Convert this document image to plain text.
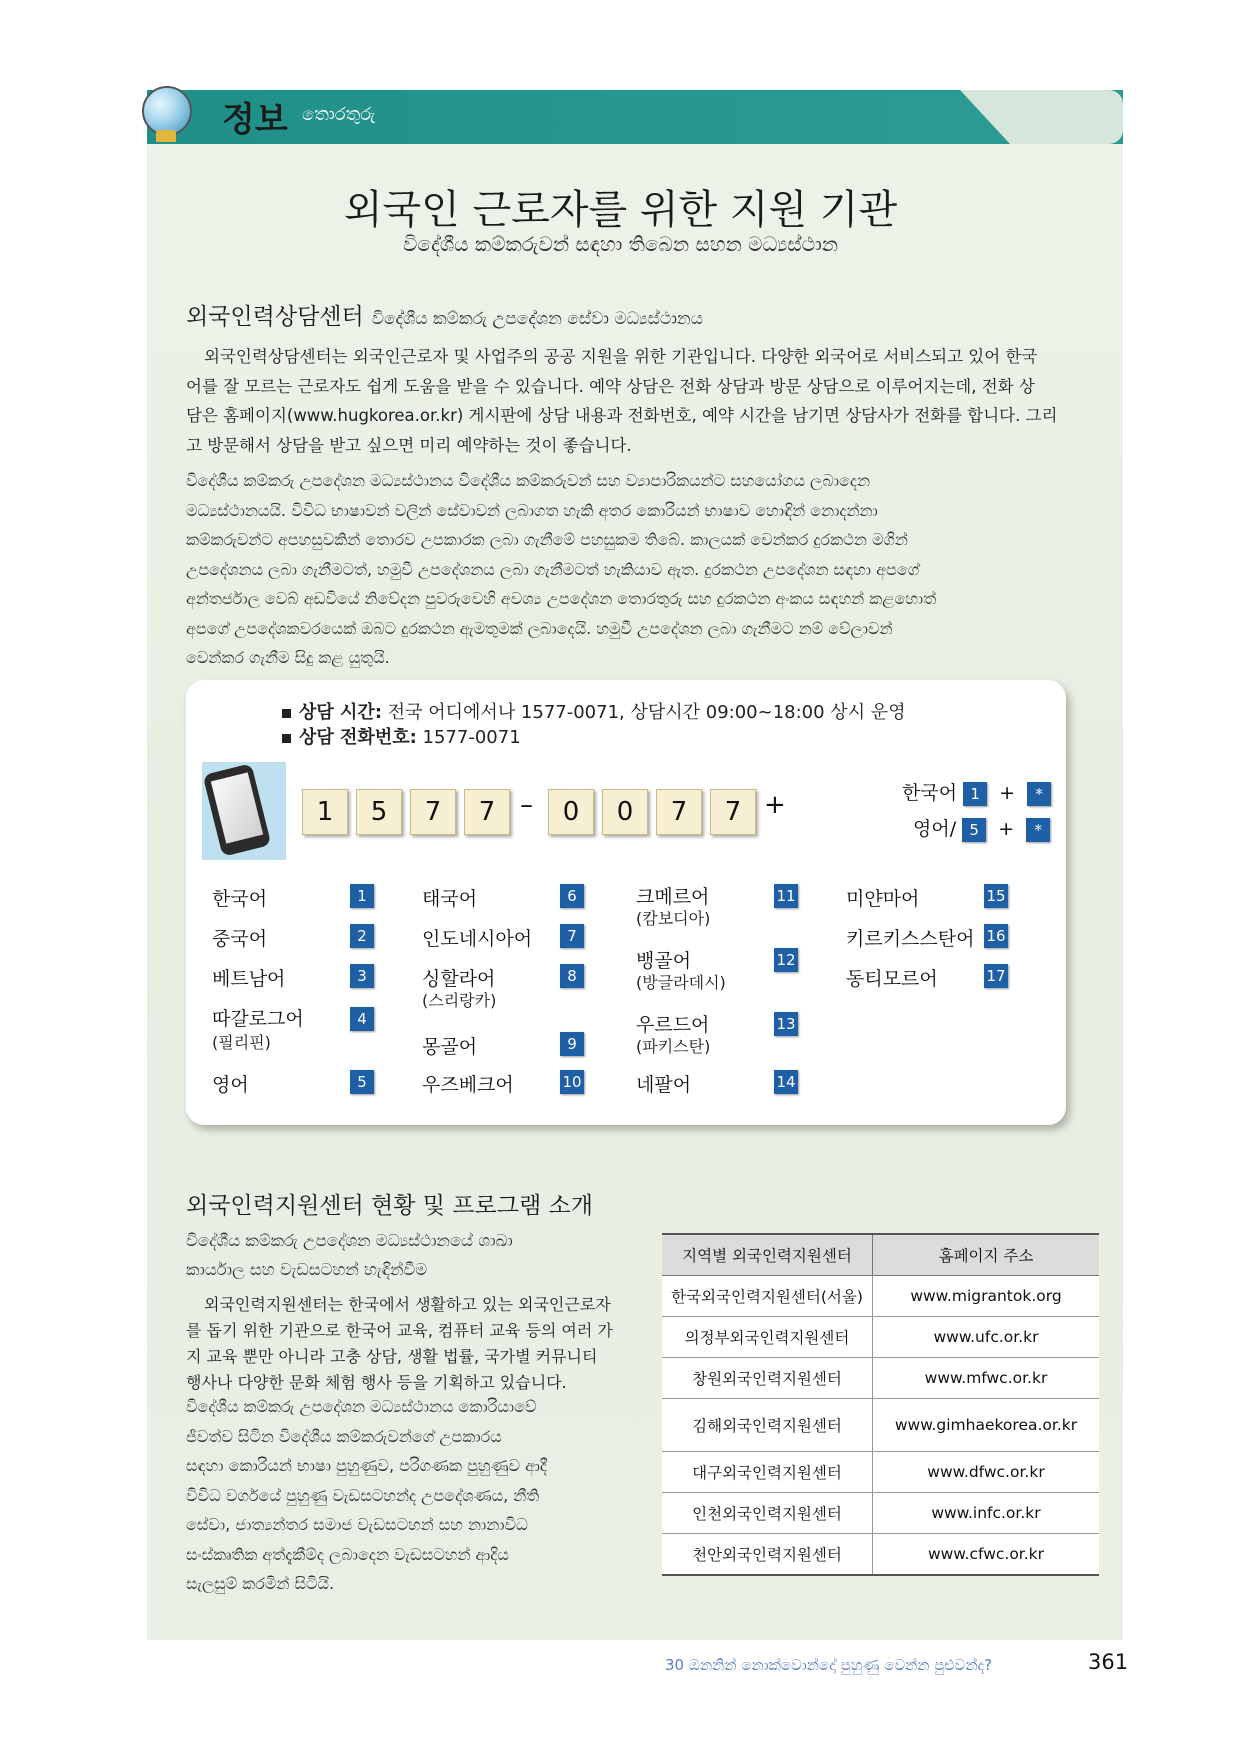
정보 තොරතුරු
외국인 근로자를 위한 지원 기관
විදේශීය කම්කරුවන් සඳහා තිබෙන සහන මධ්‍යස්ථාන
외국인력상담센터 විදේශීය කම්කරු උපදේශන සේවා මධ්‍යස්ථානය
외국인력상담센터는 외국인근로자 및 사업주의 공공 지원을 위한 기관입니다. 다양한 외국어로 서비스되고 있어 한국
어를 잘 모르는 근로자도 쉽게 도움을 받을 수 있습니다. 예약 상담은 전화 상담과 방문 상담으로 이루어지는데, 전화 상
담은 홈페이지(www.hugkorea.or.kr) 게시판에 상담 내용과 전화번호, 예약 시간을 남기면 상담사가 전화를 합니다. 그리
고 방문해서 상담을 받고 싶으면 미리 예약하는 것이 좋습니다.
විදේශීය කම්කරු උපදේශන මධ්‍යස්ථානය විදේශීය කම්කරුවන් සහ ව්‍යාපාරිකයන්ට සහයෝගය ලබාදෙන
මධ්‍යස්ථානයයි. විවිධ භාෂාවන් වලින් සේවාවන් ලබාගත හැකි අතර කොරියන් භාෂාව හොඳින් නොදන්නා
කම්කරුවන්ට අපහසුවකින් තොරව උපකාරක ලබා ගැනීමේ පහසුකම තිබේ. කාලයක් වෙන්කර දුරකථන මගින්
උපදේශනය ලබා ගැනීමටත්, හමුවී උපදේශනය ලබා ගැනීමටත් හැකියාව ඇත. දුරකථන උපදේශන සඳහා අපගේ
අන්තර්ජාල වෙබ් අඩවියේ නිවේදන පුවරුවෙහි අවශ්‍ය උපදේශන තොරතුරු සහ දුරකථන අංකය සඳහන් කළහොත්
අපගේ උපදේශකවරයෙක් ඔබට දුරකථන ඇමතුමක් ලබාදෙයි. හමුවී උපදේශන ලබා ගැනීමට නම් වේලාවන්
වෙන්කර ගැනීම සිදු කළ යුතුයි.
상담 시간: 전국 어디에서나 1577-0071, 상담시간 09:00~18:00 상시 운영
상담 전화번호: 1577-0071
1	5	7	7 –	0	0	7	7 +	한국어 1 + *
영어/ 5 + *
한국어	1
중국어	2
베트남어	3
따갈로그어
(필리핀)
4
영어	5
태국어	6
인도네시아어	7
싱할라어
(스리랑카)
8
몽골어	9
우즈베크어	10
크메르어
(캄보디아)
11
뱅골어
(방글라데시)
12
우르드어
(파키스탄)
13
네팔어	14
미얀마어	15
키르키스스탄어 16
동티모르어	17
외국인력지원센터 현황 및 프로그램 소개
විදේශීය කම්කරු උපදේශන මධ්‍යස්ථානයේ ශාඛා
කාර්යාල සහ වැඩසටහන් හැඳින්වීම
외국인력지원센터는 한국에서 생활하고 있는 외국인근로자
를 돕기 위한 기관으로 한국어 교육, 컴퓨터 교육 등의 여러 가
지 교육 뿐만 아니라 고충 상담, 생활 법률, 국가별 커뮤니티
행사나 다양한 문화 체험 행사 등을 기획하고 있습니다.
විදේශීය කම්කරු උපදේශන මධ්‍යස්ථානය කොරියාවේ
ජීවත්ව සිටින විදේශීය කම්කරුවන්ගේ උපකාරය
සඳහා කොරියන් භාෂා පුහුණුව, පරිගණක පුහුණුව ආදී
විවිධ වර්ගයේ පුහුණු වැඩසටහන්ද උපදේශණය, නීති
සේවා, ජාත්‍යන්තර සමාජ වැඩසටහන් සහ නානාවිධ
සංස්කෘතික අත්දැකීම්ද ලබාදෙන වැඩසටහන් ආදිය
සැලසුම් කරමින් සිටියි.
지역별 외국인력지원센터	홈페이지 주소
한국외국인력지원센터(서울)	www.migrantok.org
의정부외국인력지원센터	www.ufc.or.kr
창원외국인력지원센터	www.mfwc.or.kr
김해외국인력지원센터	www.gimhaekorea.or.kr
대구외국인력지원센터	www.dfwc.or.kr
인천외국인력지원센터	www.infc.or.kr
천안외국인력지원센터	www.cfwc.or.kr
30 ඔනනින් නොක්වොන්දෝ පුහුණු වෙන්න පුළුවන්ද?	361
